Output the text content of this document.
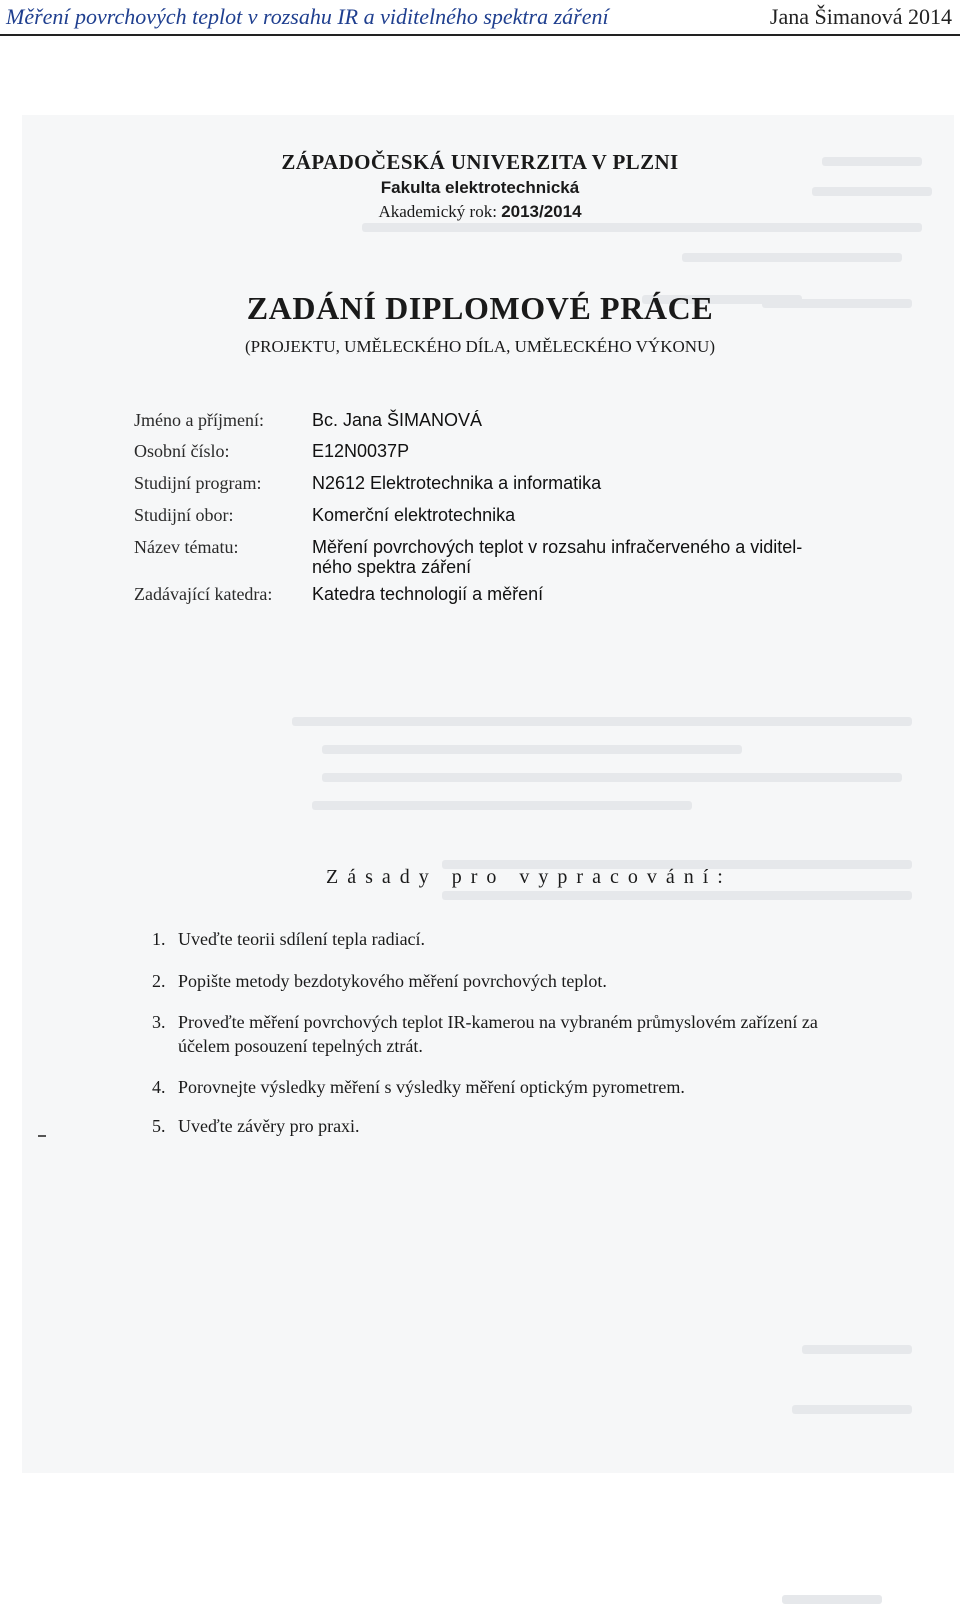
Měření povrchových teplot v rozsahu IR a viditelného spektra záření	Jana Šimanová 2014
ZÁPADOČESKÁ UNIVERZITA V PLZNI
Fakulta elektrotechnická
Akademický rok: 2013/2014
ZADÁNÍ DIPLOMOVÉ PRÁCE
(PROJEKTU, UMĚLECKÉHO DÍLA, UMĚLECKÉHO VÝKONU)
Jméno a příjmení:	Bc. Jana ŠIMANOVÁ
Osobní číslo:	E12N0037P
Studijní program:	N2612 Elektrotechnika a informatika
Studijní obor:	Komerční elektrotechnika
Název tématu:	Měření povrchových teplot v rozsahu infračerveného a viditel-
ného spektra záření
Zadávající katedra: Katedra technologií a měření
Zásady pro vypracování:
1. Uveďte teorii sdílení tepla radiací.
2. Popište metody bezdotykového měření povrchových teplot.
3. Proveďte měření povrchových teplot IR-kamerou na vybraném průmyslovém zařízení za
účelem posouzení tepelných ztrát.
4. Porovnejte výsledky měření s výsledky měření optickým pyrometrem.
5. Uveďte závěry pro praxi.
